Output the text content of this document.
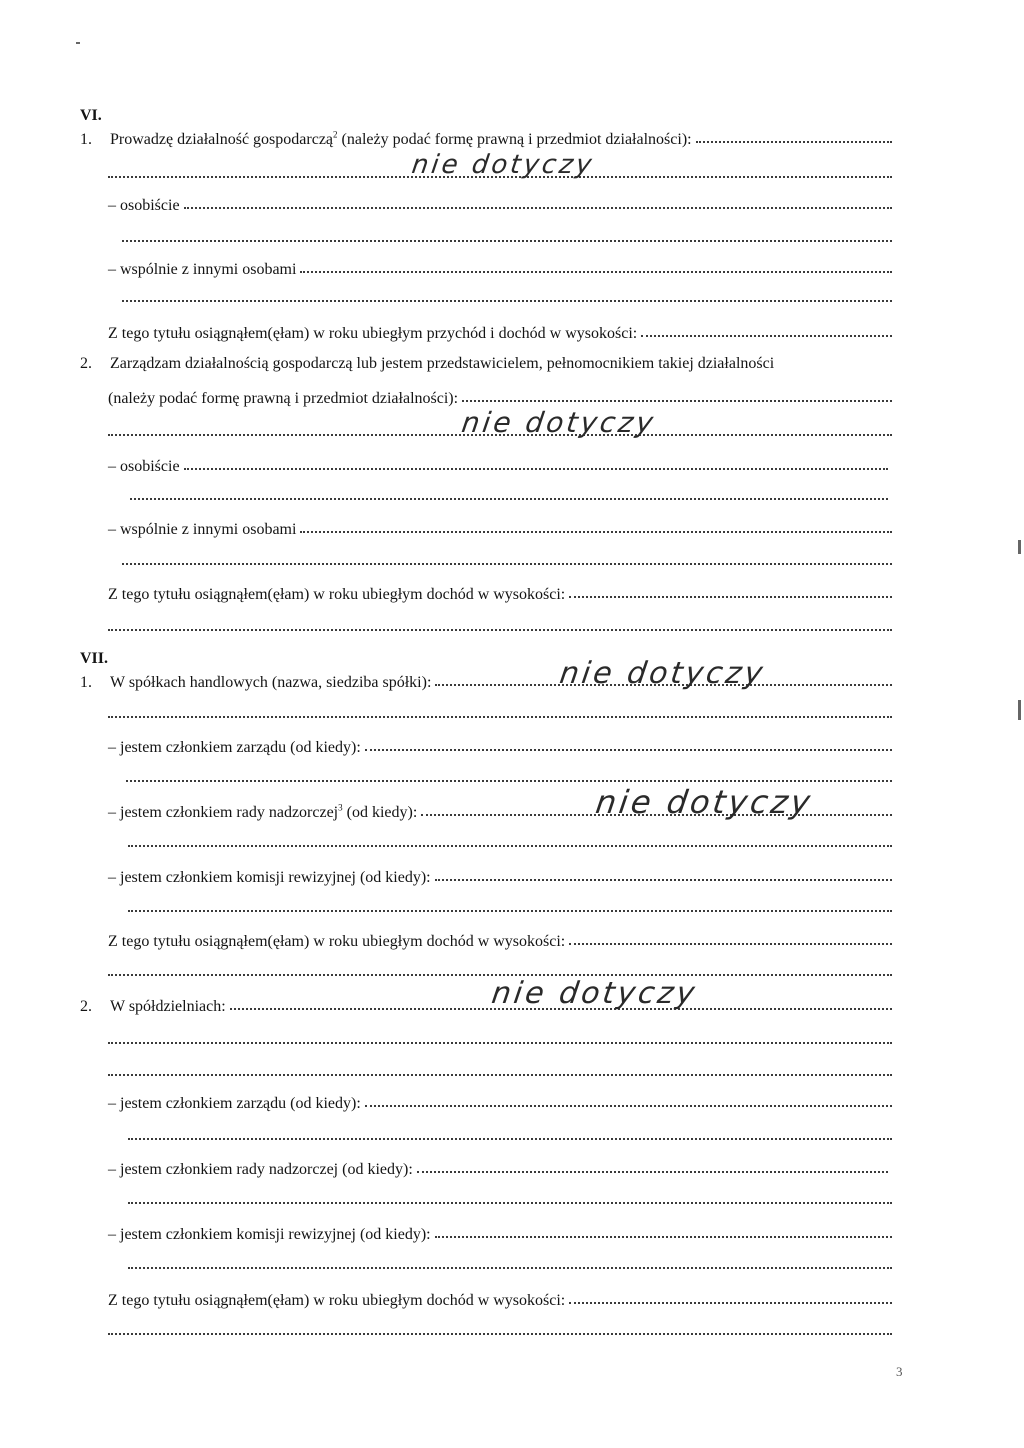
VI.
1.	Prowadzę działalność gospodarczą$^2$ (należy podać formę prawną i przedmiot działalności):
nie dotyczy
– osobiście
– wspólnie z innymi osobami
Z tego tytułu osiągnąłem(ęłam) w roku ubiegłym przychód i dochód w wysokości:
2.	Zarządzam działalnością gospodarczą lub jestem przedstawicielem, pełnomocnikiem takiej działalności
(należy podać formę prawną i przedmiot działalności):
nie dotyczy
– osobiście
– wspólnie z innymi osobami
Z tego tytułu osiągnąłem(ęłam) w roku ubiegłym dochód w wysokości:
VII.
1.	W spółkach handlowych (nazwa, siedziba spółki):	nie dotyczy
– jestem członkiem zarządu (od kiedy):
– jestem członkiem rady nadzorczej$^3$ (od kiedy):	nie dotyczy
– jestem członkiem komisji rewizyjnej (od kiedy):
Z tego tytułu osiągnąłem(ęłam) w roku ubiegłym dochód w wysokości:
2.	W spółdzielniach:	nie dotyczy
– jestem członkiem zarządu (od kiedy):
– jestem członkiem rady nadzorczej (od kiedy):
– jestem członkiem komisji rewizyjnej (od kiedy):
Z tego tytułu osiągnąłem(ęłam) w roku ubiegłym dochód w wysokości:
3
